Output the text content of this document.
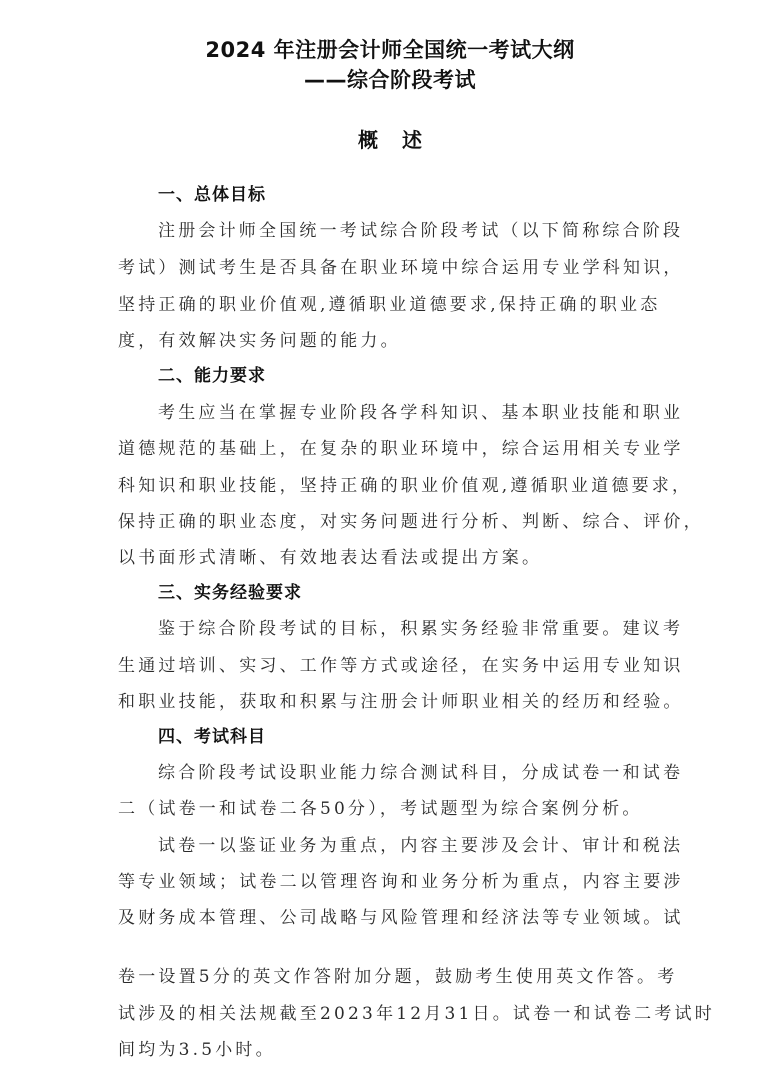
2024 年注册会计师全国统一考试大纲
——综合阶段考试
概 述
一、总体目标
注册会计师全国统一考试综合阶段考试（以下简称综合阶段
考试）测试考生是否具备在职业环境中综合运用专业学科知识，
坚持正确的职业价值观,遵循职业道德要求,保持正确的职业态
度，有效解决实务问题的能力。
二、能力要求
考生应当在掌握专业阶段各学科知识、基本职业技能和职业
道德规范的基础上，在复杂的职业环境中，综合运用相关专业学
科知识和职业技能，坚持正确的职业价值观,遵循职业道德要求，
保持正确的职业态度，对实务问题进行分析、判断、综合、评价，
以书面形式清晰、有效地表达看法或提出方案。
三、实务经验要求
鉴于综合阶段考试的目标，积累实务经验非常重要。建议考
生通过培训、实习、工作等方式或途径，在实务中运用专业知识
和职业技能，获取和积累与注册会计师职业相关的经历和经验。
四、考试科目
综合阶段考试设职业能力综合测试科目，分成试卷一和试卷
二（试卷一和试卷二各50分），考试题型为综合案例分析。
试卷一以鉴证业务为重点，内容主要涉及会计、审计和税法
等专业领域；试卷二以管理咨询和业务分析为重点，内容主要涉
及财务成本管理、公司战略与风险管理和经济法等专业领域。试
卷一设置5分的英文作答附加分题，鼓励考生使用英文作答。考
试涉及的相关法规截至2023年12月31日。试卷一和试卷二考试时
间均为3.5小时。
